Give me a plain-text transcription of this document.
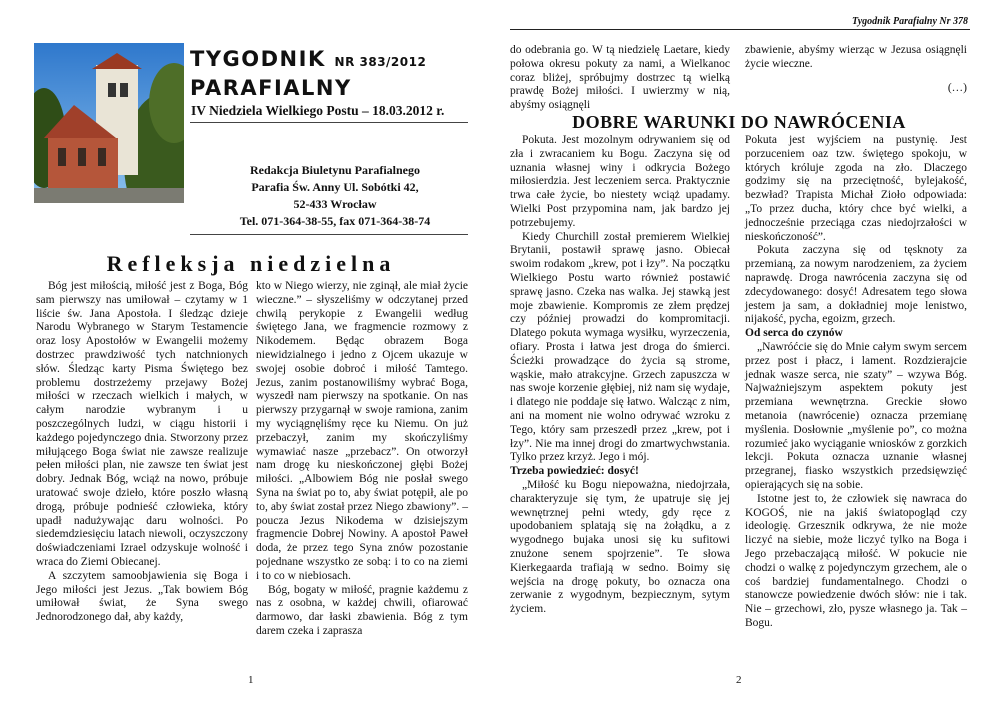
Tygodnik Parafialny Nr 378
TYGODNIK NR 383/2012
PARAFIALNY
IV Niedziela Wielkiego Postu – 18.03.2012 r.
Redakcja Biuletynu Parafialnego
Parafia Św. Anny Ul. Sobótki 42,
52-433 Wrocław
Tel. 071-364-38-55, fax 071-364-38-74
Refleksja niedzielna

Bóg jest miłością, miłość jest z Boga, Bóg sam pierwszy nas umiłował – czytamy w 1 liście św. Jana Apostoła. I śledząc dzieje Narodu Wybranego w Starym Testamencie oraz losy Apostołów w Ewangelii możemy dostrzec prawdziwość tych natchnionych słów. Śledząc karty Pisma Świętego bez problemu dostrzeżemy przejawy Bożej miłości w rzeczach wielkich i małych, w całym narodzie wybranym i u poszczególnych ludzi, w ciągu historii i każdego pojedynczego dnia. Stworzony przez miłującego Boga świat nie zawsze realizuje pełen miłości plan, nie zawsze ten świat jest dobry. Jednak Bóg, wciąż na nowo, próbuje uratować swoje dzieło, które poszło własną drogą, próbuje podnieść człowieka, który upadł nadużywając daru wolności. Po siedemdziesięciu latach niewoli, oczyszczony doświadczeniami Izrael odzyskuje wolność i wraca do Ziemi Obiecanej.

A szczytem samoobjawienia się Boga i Jego miłości jest Jezus. „Tak bowiem Bóg umiłował świat, że Syna swego Jednorodzonego dał, aby każdy,

kto w Niego wierzy, nie zginął, ale miał życie wieczne.” – słyszeliśmy w odczytanej przed chwilą perykopie z Ewangelii według świętego Jana, we fragmencie rozmowy z Nikodemem. Będąc obrazem Boga niewidzialnego i jedno z Ojcem ukazuje w swojej osobie dobroć i miłość Tamtego. Jezus, zanim postanowiliśmy wybrać Boga, wyszedł nam pierwszy na spotkanie. On nas pierwszy przygarnął w swoje ramiona, zanim my wyciągnęliśmy ręce ku Niemu. On już przebaczył, zanim my skończyliśmy wymawiać nasze „przebacz”. On otworzył nam drogę ku nieskończonej głębi Bożej miłości. „Albowiem Bóg nie posłał swego Syna na świat po to, aby świat potępił, ale po to, aby świat został przez Niego zbawiony”. – poucza Jezus Nikodema w dzisiejszym fragmencie Dobrej Nowiny. A apostoł Paweł doda, że przez tego Syna znów pozostanie pojednane wszystko ze sobą: i to co na ziemi i to co w niebiosach.

Bóg, bogaty w miłość, pragnie każdemu z nas z osobna, w każdej chwili, ofiarować darmowo, dar łaski zbawienia. Bóg z tym darem czeka i zaprasza

1

do odebrania go. W tą niedzielę Laetare, kiedy połowa okresu pokuty za nami, a Wielkanoc coraz bliżej, spróbujmy dostrzec tą wielką prawdę Bożej miłości. I uwierzmy w nią, abyśmy osiągnęli

zbawienie, abyśmy wierząc w Jezusa osiągnęli życie wieczne.

(…)

DOBRE WARUNKI DO NAWRÓCENIA

Pokuta. Jest mozolnym odrywaniem się od zła i zwracaniem ku Bogu. Zaczyna się od uznania własnej winy i odkrycia Bożego miłosierdzia. Jest leczeniem serca. Praktycznie trwa całe życie, bo niestety wciąż upadamy. Wielki Post przypomina nam, jak bardzo jej potrzebujemy.

Kiedy Churchill został premierem Wielkiej Brytanii, postawił sprawę jasno. Obiecał swoim rodakom „krew, pot i łzy”. Na początku Wielkiego Postu warto również postawić sprawę jasno. Czeka nas walka. Jej stawką jest moje zbawienie. Kompromis ze złem prędzej czy później prowadzi do kompromitacji. Dlatego pokuta wymaga wysiłku, wyrzeczenia, ofiary. Prosta i łatwa jest droga do śmierci. Ścieżki prowadzące do życia są strome, wąskie, mało atrakcyjne. Grzech zapuszcza w nas swoje korzenie głębiej, niż nam się wydaje, i dlatego nie poddaje się łatwo. Walcząc z nim, ani na moment nie wolno odrywać wzroku z Tego, który sam przeszedł przez „krew, pot i łzy”. Nie ma innej drogi do zmartwychwstania. Tylko przez krzyż. Jego i mój.

Trzeba powiedzieć: dosyć!

„Miłość ku Bogu niepoważna, niedojrzała, charakteryzuje się tym, że upatruje się jej wewnętrznej pełni wtedy, gdy ręce z upodobaniem splatają się na żołądku, a z wygodnego bujaka unosi się ku sufitowi znużone senem spojrzenie”. Te słowa Kierkegaarda trafiają w sedno. Boimy się wejścia na drogę pokuty, bo oznacza ona zerwanie z wygodnym, bezpiecznym, sytym życiem.

Pokuta jest wyjściem na pustynię. Jest porzuceniem oaz tzw. świętego spokoju, w których króluje zgoda na zło. Dlaczego godzimy się na przeciętność, bylejakość, bezwład? Trapista Michał Zioło odpowiada: „To przez ducha, który chce być wielki, a jednocześnie przeciąga czas niedojrzałości w nieskończoność”.

Pokuta zaczyna się od tęsknoty za przemianą, za nowym narodzeniem, za życiem naprawdę. Droga nawrócenia zaczyna się od zdecydowanego: dosyć! Adresatem tego słowa jestem ja sam, a dokładniej moje lenistwo, nijakość, pycha, egoizm, grzech.

Od serca do czynów

„Nawróćcie się do Mnie całym swym sercem przez post i płacz, i lament. Rozdzierajcie jednak wasze serca, nie szaty” – wzywa Bóg. Najważniejszym aspektem pokuty jest przemiana wewnętrzna. Greckie słowo metanoia (nawrócenie) oznacza przemianę myślenia. Dosłownie „myślenie po”, co można rozumieć jako wyciąganie wniosków z gorzkich lekcji. Pokuta oznacza uznanie własnej przegranej, fiasko wszystkich przedsięwzięć opierających się na sobie.

Istotne jest to, że człowiek się nawraca do KOGOŚ, nie na jakiś światopogląd czy ideologię. Grzesznik odkrywa, że nie może liczyć na siebie, może liczyć tylko na Boga i Jego przebaczającą miłość. W pokucie nie chodzi o walkę z pojedynczym grzechem, ale o coś bardziej fundamentalnego. Chodzi o stanowcze powiedzenie dwóch słów: nie i tak. Nie – grzechowi, zło, pysze własnego ja. Tak – Bogu.

2
